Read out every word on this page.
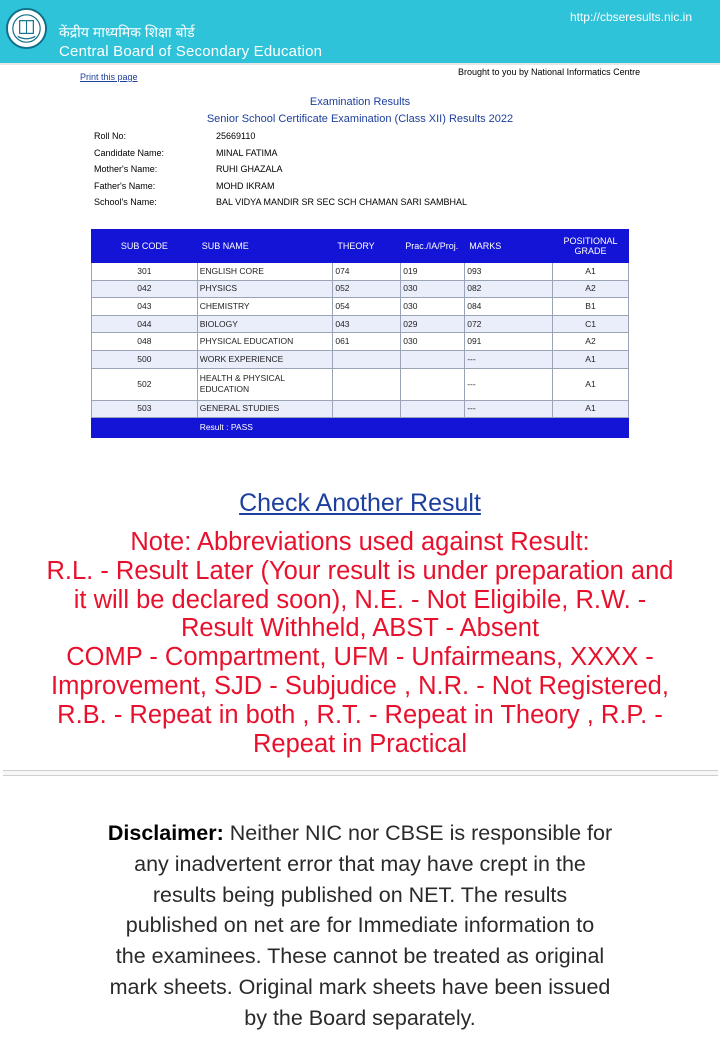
http://cbseresults.nic.in
केंद्रीय माध्यमिक शिक्षा बोर्ड
Central Board of Secondary Education
Print this page	Brought to you by National Informatics Centre
Examination Results
Senior School Certificate Examination (Class XII) Results 2022
Roll No:	25669110
Candidate Name:	MINAL FATIMA
Mother's Name:	RUHI GHAZALA
Father's Name:	MOHD IKRAM
School's Name:	BAL VIDYA MANDIR SR SEC SCH CHAMAN SARI SAMBHAL
SUB CODE	SUB NAME	THEORY	Prac./IA/Proj.	MARKS	POSITIONAL
GRADE
301	ENGLISH CORE	074	019	093	A1
042	PHYSICS	052	030	082	A2
043	CHEMISTRY	054	030	084	B1
044	BIOLOGY	043	029	072	C1
048	PHYSICAL EDUCATION	061	030	091	A2
500	WORK EXPERIENCE			---	A1
502	HEALTH & PHYSICAL
EDUCATION			---	A1
503	GENERAL STUDIES			---	A1
	Result : PASS				
Check Another Result
Note: Abbreviations used against Result:
R.L. - Result Later (Your result is under preparation and
it will be declared soon), N.E. - Not Eligibile, R.W. -
Result Withheld, ABST - Absent
COMP - Compartment, UFM - Unfairmeans, XXXX -
Improvement, SJD - Subjudice , N.R. - Not Registered,
R.B. - Repeat in both , R.T. - Repeat in Theory , R.P. -
Repeat in Practical
Disclaimer: Neither NIC nor CBSE is responsible for
any inadvertent error that may have crept in the
results being published on NET. The results
published on net are for Immediate information to
the examinees. These cannot be treated as original
mark sheets. Original mark sheets have been issued
by the Board separately.
